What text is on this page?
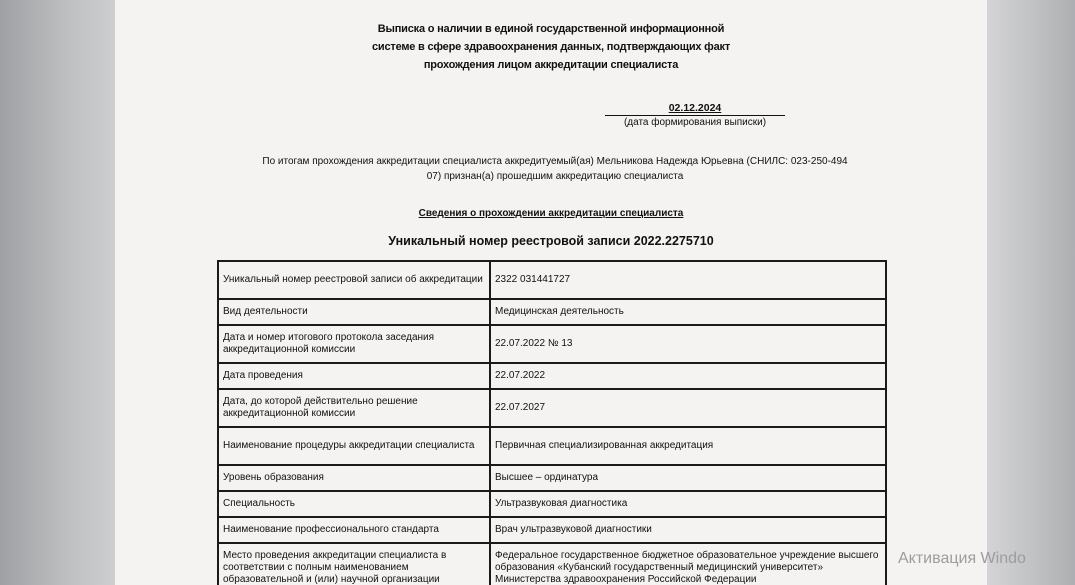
Выписка о наличии в единой государственной информационной
системе в сфере здравоохранения данных, подтверждающих факт
прохождения лицом аккредитации специалиста
02.12.2024
(дата формирования выписки)
По итогам прохождения аккредитации специалиста аккредитуемый(ая) Мельникова Надежда Юрьевна (СНИЛС: 023-250-494
07) признан(а) прошедшим аккредитацию специалиста
Сведения о прохождении аккредитации специалиста
Уникальный номер реестровой записи 2022.2275710
Уникальный номер реестровой записи об аккредитации	2322 031441727
Вид деятельности	Медицинская деятельность
Дата и номер итогового протокола заседания аккредитационной комиссии	22.07.2022 № 13
Дата проведения	22.07.2022
Дата, до которой действительно решение аккредитационной комиссии	22.07.2027
Наименование процедуры аккредитации специалиста	Первичная специализированная аккредитация
Уровень образования	Высшее – ординатура
Специальность	Ультразвуковая диагностика
Наименование профессионального стандарта	Врач ультразвуковой диагностики
Место проведения аккредитации специалиста в соответствии с полным наименованием образовательной и (или) научной организации	Федеральное государственное бюджетное образовательное учреждение высшего образования «Кубанский государственный медицинский университет» Министерства здравоохранения Российской Федерации
Активация Windo
